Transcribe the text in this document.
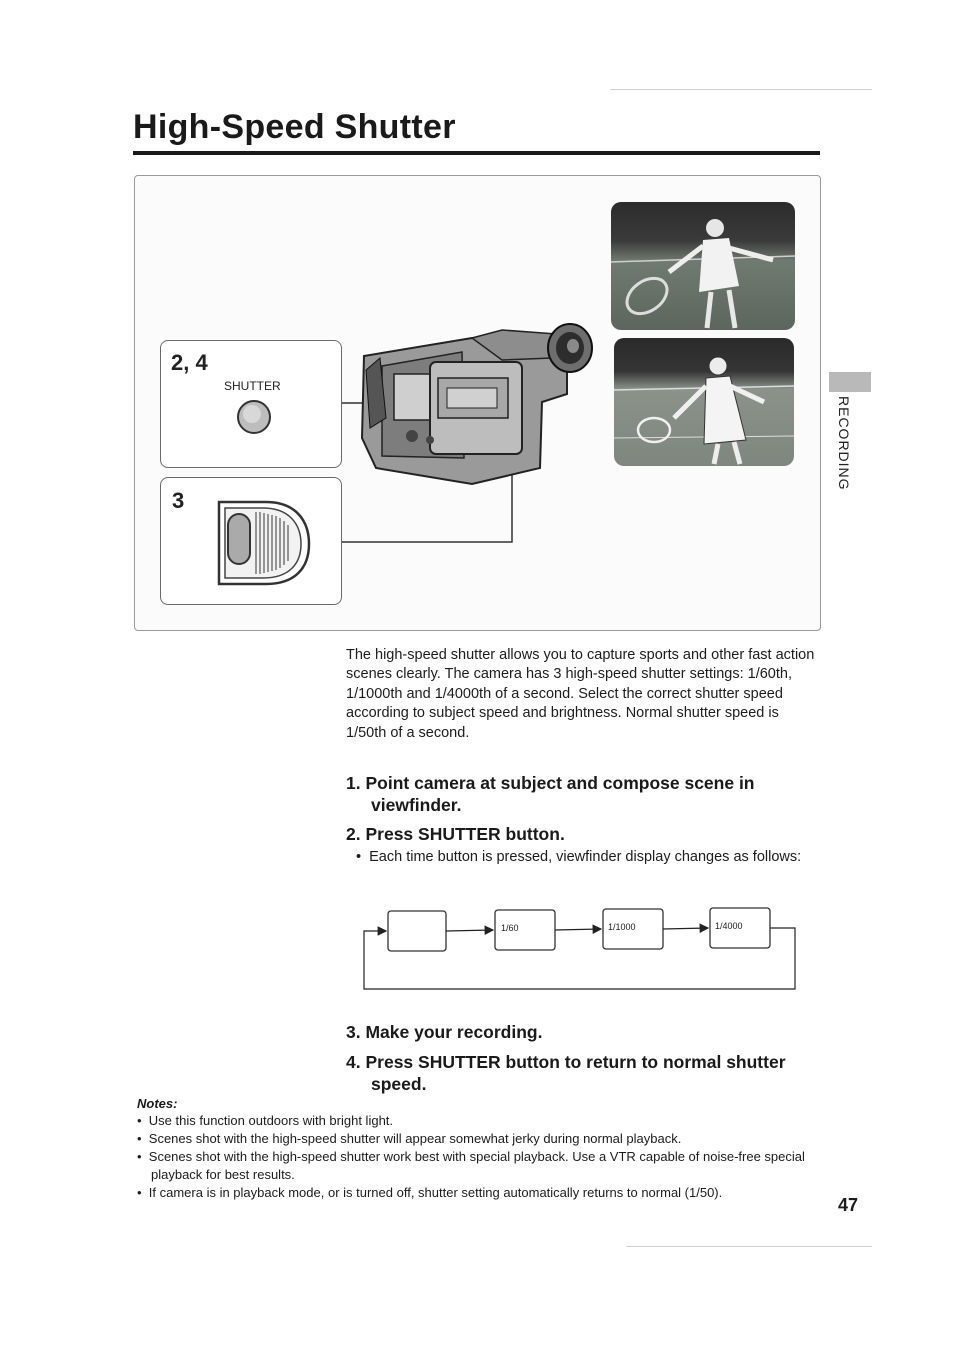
High-Speed Shutter
2, 4
SHUTTER
3
RECORDING

The high-speed shutter allows you to capture sports and other fast action scenes clearly. The camera has 3 high-speed shutter settings: 1/60th, 1/1000th and 1/4000th of a second. Select the correct shutter speed according to subject speed and brightness. Normal shutter speed is 1/50th of a second.

1. Point camera at subject and compose scene in viewfinder.
2. Press SHUTTER button.
•  Each time button is pressed, viewfinder display changes as follows:
1/60	1/1000	1/4000
3. Make your recording.
4. Press SHUTTER button to return to normal shutter speed.
Notes:
•  Use this function outdoors with bright light.
•  Scenes shot with the high-speed shutter will appear somewhat jerky during normal playback.
•  Scenes shot with the high-speed shutter work best with special playback. Use a VTR capable of noise-free special playback for best results.
•  If camera is in playback mode, or is turned off, shutter setting automatically returns to normal (1/50).
47
